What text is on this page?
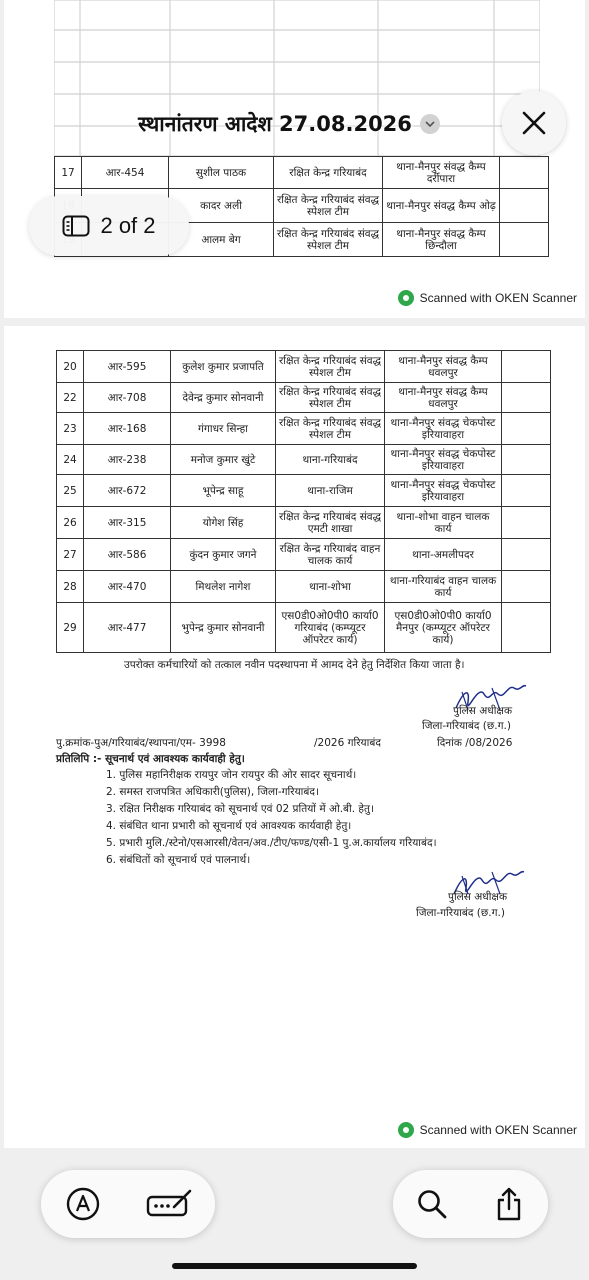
17	आर-454	सुशील पाठक	रक्षित केन्द्र गरियाबंद	थाना-मैनपुर संवद्ध कैम्प दर्रीपारा	
		कादर अली	रक्षित केन्द्र गरियाबंद संवद्ध स्पेशल टीम	थाना-मैनपुर संवद्ध कैम्प ओढ़	
		आलम बेग	रक्षित केन्द्र गरियाबंद संवद्ध स्पेशल टीम	थाना-मैनपुर संवद्ध कैम्प छिन्दौला	
Scanned with OKEN Scanner
20	आर-595	कुलेश कुमार प्रजापति	रक्षित केन्द्र गरियाबंद संवद्ध स्पेशल टीम	थाना-मैनपुर संवद्ध कैम्प धवलपुर	
22	आर-708	देवेन्द्र कुमार सोनवानी	रक्षित केन्द्र गरियाबंद संवद्ध स्पेशल टीम	थाना-मैनपुर संवद्ध कैम्प धवलपुर	
23	आर-168	गंगाधर सिन्हा	रक्षित केन्द्र गरियाबंद संवद्ध स्पेशल टीम	थाना-मैनपुर संवद्ध चेकपोस्ट इरियावाहरा	
24	आर-238	मनोज कुमार खुंटे	थाना-गरियाबंद	थाना-मैनपुर संवद्ध चेकपोस्ट इरियावाहरा	
25	आर-672	भूपेन्द्र साहू	थाना-राजिम	थाना-मैनपुर संवद्ध चेकपोस्ट इरियावाहरा	
26	आर-315	योगेश सिंह	रक्षित केन्द्र गरियाबंद संवद्ध एमटी शाखा	थाना-शोभा वाहन चालक कार्य	
27	आर-586	कुंदन कुमार जगने	रक्षित केन्द्र गरियाबंद वाहन चालक कार्य	थाना-अमलीपदर	
28	आर-470	मिथलेश नागेश	थाना-शोभा	थाना-गरियाबंद वाहन चालक कार्य	
29	आर-477	भुपेन्द्र कुमार सोनवानी	एस0डी0ओ0पी0 कार्या0 गरियाबंद (कम्प्यूटर ऑपरेटर कार्य)	एस0डी0ओ0पी0 कार्या0 मैनपुर (कम्प्यूटर ऑपरेटर कार्य)	
उपरोक्त कर्मचारियों को तत्काल नवीन पदस्थापना में आमद देने हेतु निर्देशित किया जाता है।
पुलिस अधीक्षक
जिला-गरियाबंद (छ.ग.)
पु.क्रमांक-पुअ/गरियाबंद/स्थापना/एम- 3998	/2026 गरियाबंद	दिनांक /08/2026
प्रतिलिपि :- सूचनार्थ एवं आवश्यक कार्यवाही हेतु।
1. पुलिस महानिरीक्षक रायपुर जोन रायपुर की ओर सादर सूचनार्थ।
2. समस्त राजपत्रित अधिकारी(पुलिस), जिला-गरियाबंद।
3. रक्षित निरीक्षक गरियाबंद को सूचनार्थ एवं 02 प्रतियों में ओ.बी. हेतु।
4. संबंधित थाना प्रभारी को सूचनार्थ एवं आवश्यक कार्यवाही हेतु।
5. प्रभारी मुलि./स्टेनो/एसआरसी/वेतन/अव./टीए/फण्ड/एसी-1 पु.अ.कार्यालय गरियाबंद।
6. संबंधितों को सूचनार्थ एवं पालनार्थ।
पुलिस अधीक्षक
जिला-गरियाबंद (छ.ग.)
Scanned with OKEN Scanner
स्थानांतरण आदेश 27.08.2026
2 of 2
